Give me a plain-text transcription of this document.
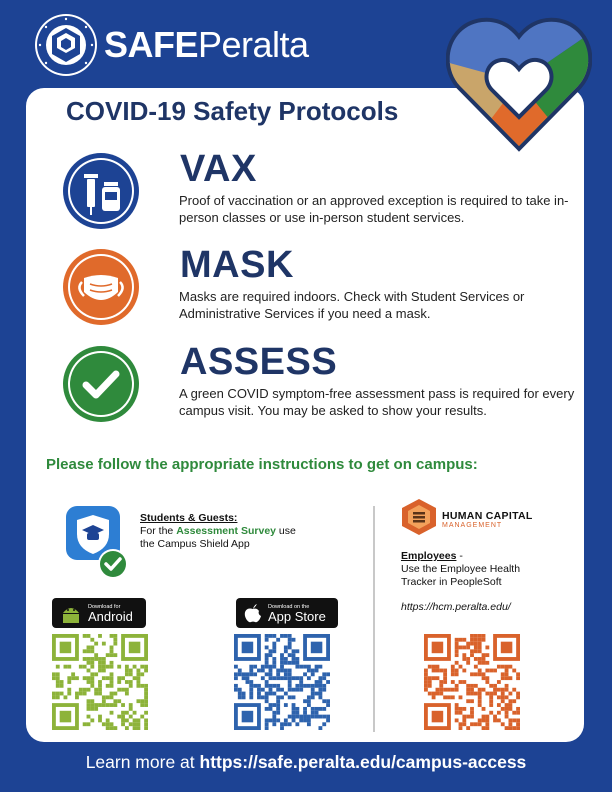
SAFEPeralta
COVID-19 Safety Protocols
VAX

Proof of vaccination or an approved exception is required to take in-person classes or use in-person student services.

MASK

Masks are required indoors. Check with Student Services or Administrative Services if you need a mask.

ASSESS

A green COVID symptom-free assessment pass is required for every campus visit. You may be asked to show your results.

Please follow the appropriate instructions to get on campus:
Students & Guests:
For the Assessment Survey use
the Campus Shield App
Download for
Android
Download on the
App Store
HUMAN CAPITAL
MANAGEMENT
Employees -
Use the Employee Health
Tracker in PeopleSoft
https://hcm.peralta.edu/
Learn more at https://safe.peralta.edu/campus-access
